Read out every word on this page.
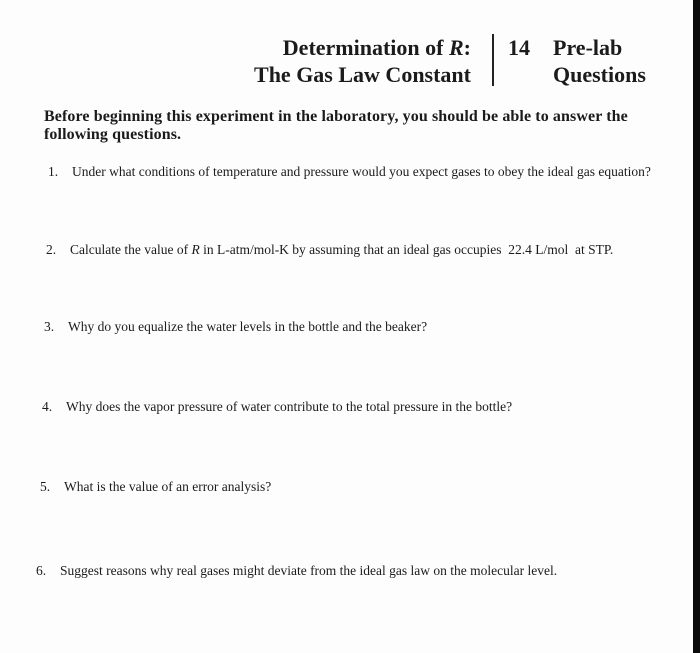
Determination of R:
The Gas Law Constant
14 Pre-lab
Questions
Before beginning this experiment in the laboratory, you should be able to answer the following questions.
1. Under what conditions of temperature and pressure would you expect gases to obey the ideal gas equation?
2. Calculate the value of R in L-atm/mol-K by assuming that an ideal gas occupies  22.4 L/mol  at STP.
3. Why do you equalize the water levels in the bottle and the beaker?
4. Why does the vapor pressure of water contribute to the total pressure in the bottle?
5. What is the value of an error analysis?
6. Suggest reasons why real gases might deviate from the ideal gas law on the molecular level.
